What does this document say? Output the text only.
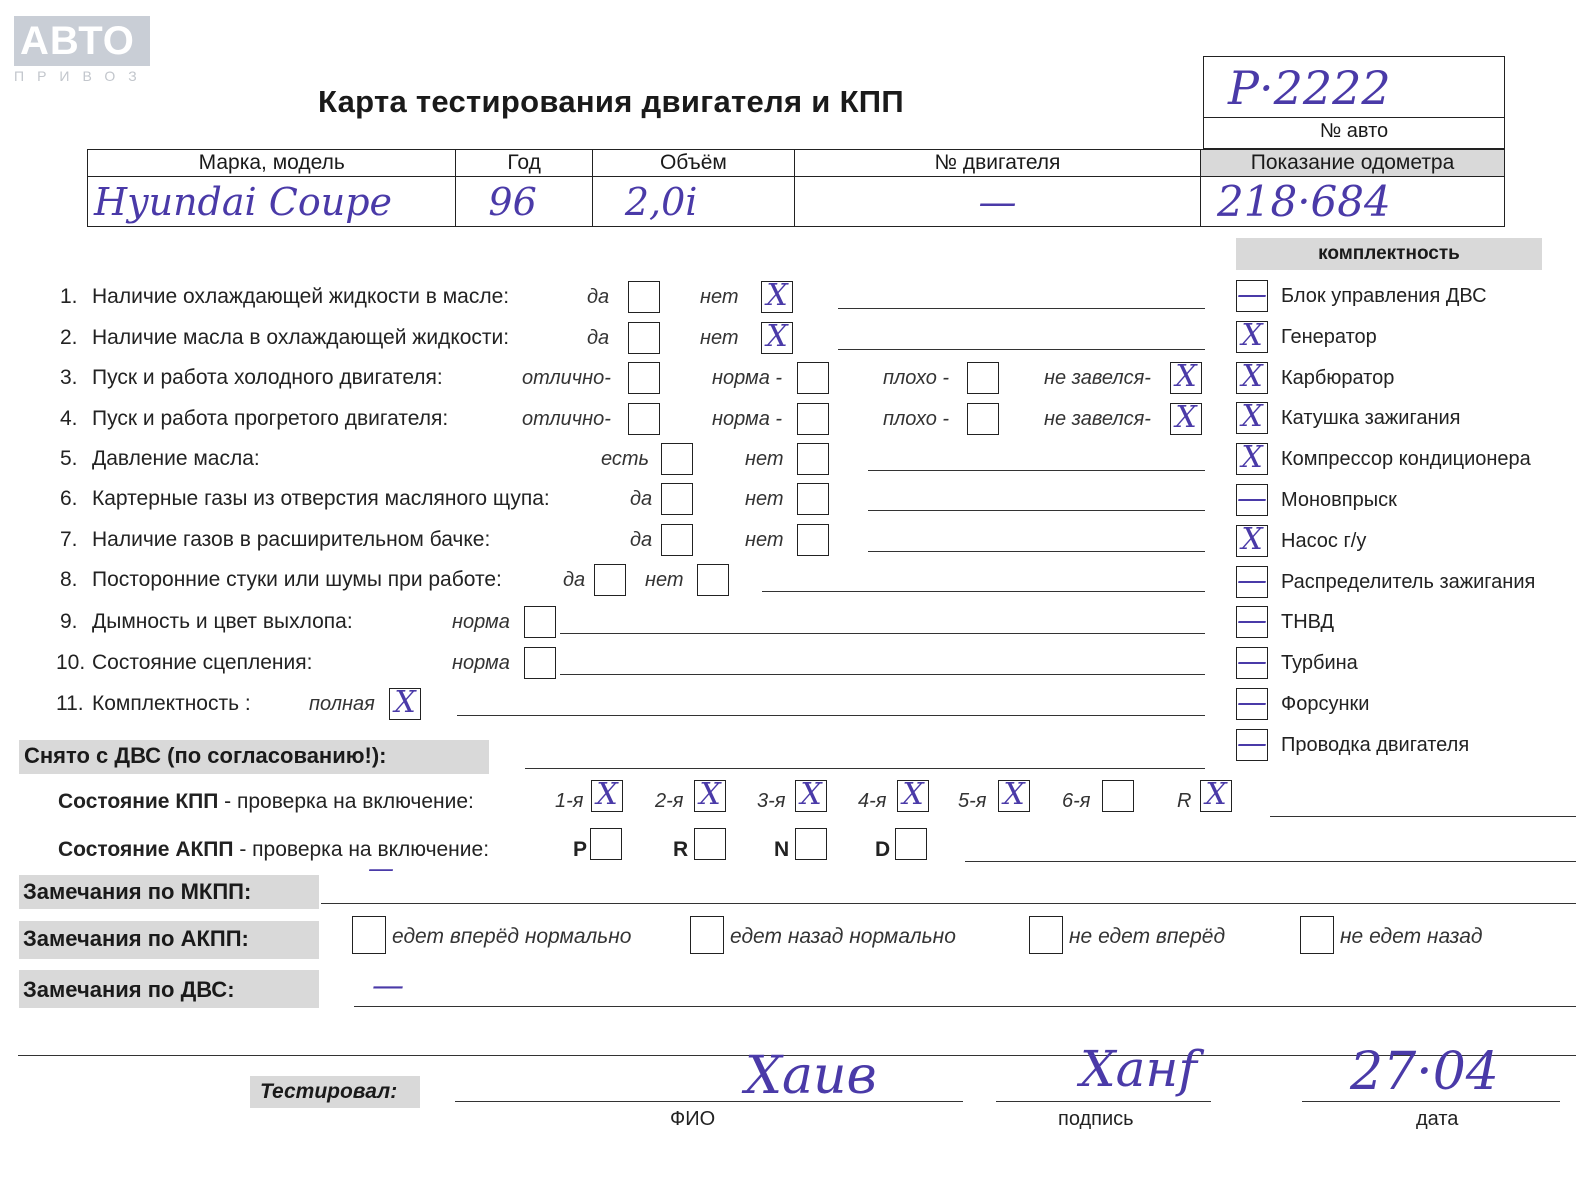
АВТО
ПРИВОЗ
Карта тестирования двигателя и КПП	Р·2222
№ авто
Марка, модель	Год	Объём	№ двигателя	Показание одометра
Hyundai Coupe	96	2,0i	—	218·684
комплектность
Снято с ДВС (по согласованию!):
Состояние КПП - проверка на включение:
Состояние АКПП - проверка на включение:
—
Замечания по МКПП:
Замечания по АКПП:
Замечания по ДВС:	—
Тестировал:	Хаив
ФИО
Ханf
подпись
27·04
дата
1. Наличие охлаждающей жидкости в масле:	да	нет X
2. Наличие масла в охлаждающей жидкости:	да	нет X
3. Пуск и работа холодного двигателя:	отлично-	норма -	плохо -	не завелся- X
4. Пуск и работа прогретого двигателя:	отлично-	норма -	плохо -	не завелся- X
5. Давление масла:	есть	нет
6. Картерные газы из отверстия масляного щупа:	да	нет
7. Наличие газов в расширительном бачке:	да	нет
8. Посторонние стуки или шумы при работе:	да	нет
9. Дымность и цвет выхлопа:	норма
10. Состояние сцепления:	норма
11. Комплектность :	полная X
— Блок управления ДВС
X Генератор
X Карбюратор
X Катушка зажигания
X Компрессор кондиционера
— Моновпрыск
X Насос г/у
— Распределитель зажигания
— ТНВД
— Турбина
— Форсунки
— Проводка двигателя
1-я X 2-я X 3-я X 4-я X 5-я X 6-я	R X
P	R	N	D
едет вперёд нормально	едет назад нормально	не едет вперёд	не едет назад
